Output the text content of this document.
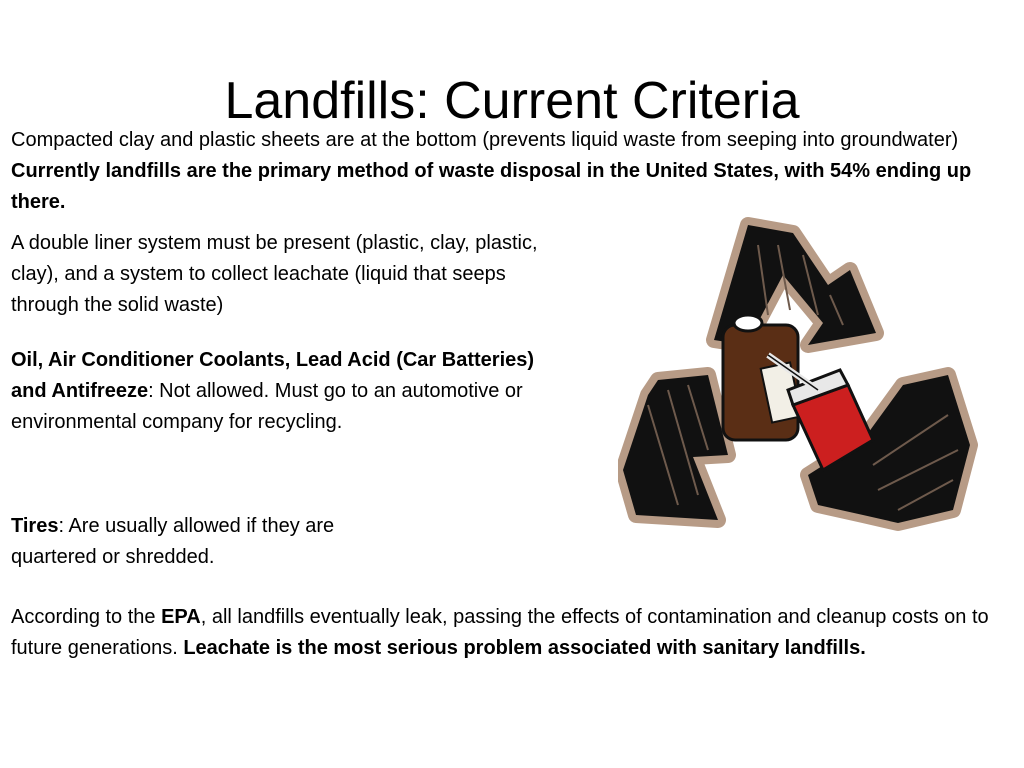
Landfills: Current Criteria

Compacted clay and plastic sheets are at the bottom (prevents liquid waste from seeping into groundwater) Currently landfills are the primary method of waste disposal in the United States, with 54% ending up there.

A double liner system must be present (plastic, clay, plastic, clay), and a system to collect leachate (liquid that seeps through the solid waste)

Oil, Air Conditioner Coolants, Lead Acid (Car Batteries) and Antifreeze: Not allowed. Must go to an automotive or environmental company for recycling.

Tires: Are usually allowed if they are quartered or shredded.

According to the EPA, all landfills eventually leak, passing the effects of contamination and cleanup costs on to future generations. Leachate is the most serious problem associated with sanitary landfills.
